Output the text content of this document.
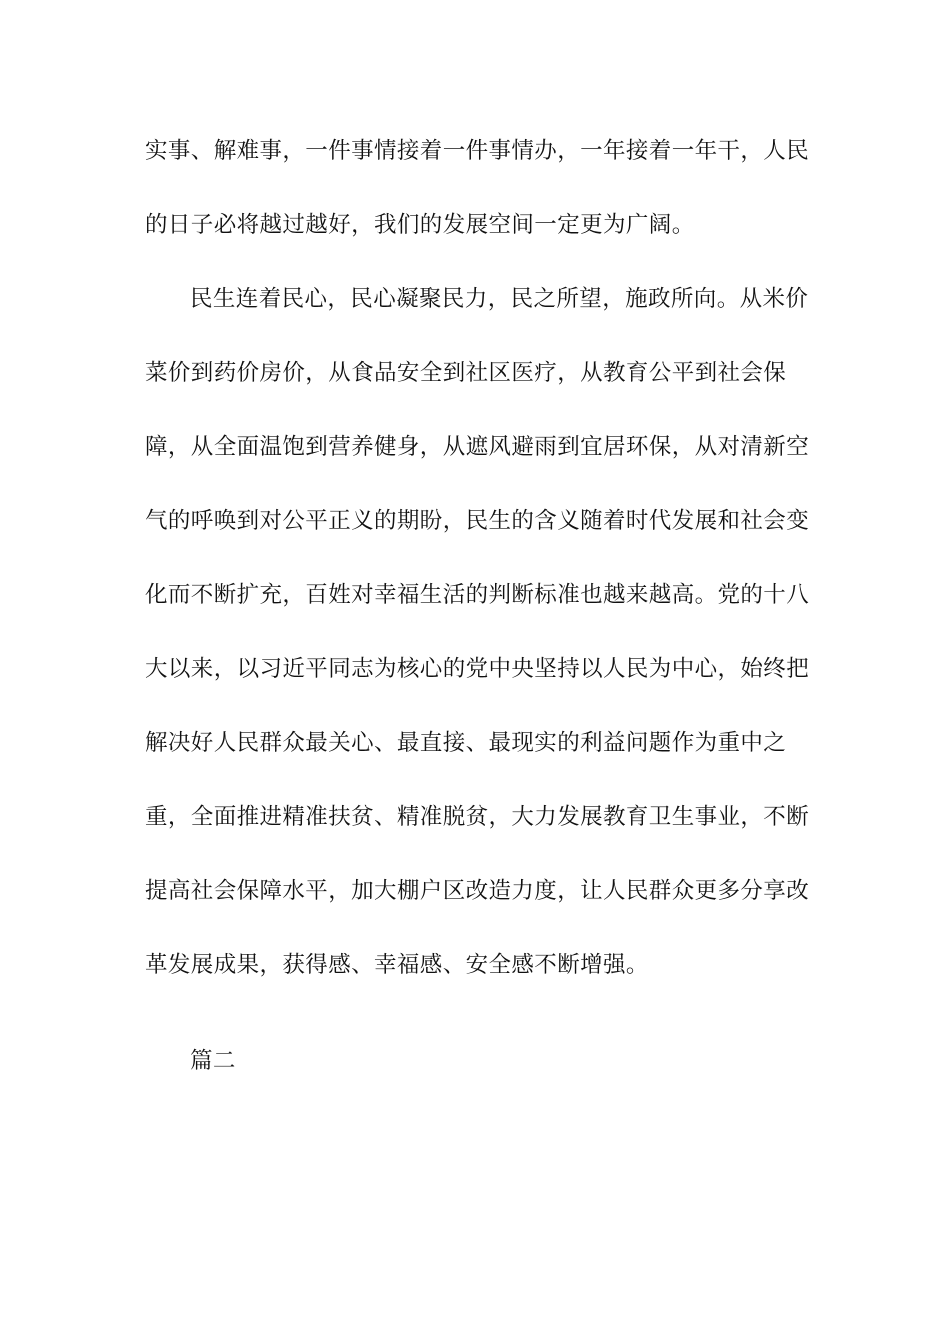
实事、解难事，一件事情接着一件事情办，一年接着一年干，人民
的日子必将越过越好，我们的发展空间一定更为广阔。
民生连着民心，民心凝聚民力，民之所望，施政所向。从米价
菜价到药价房价，从食品安全到社区医疗，从教育公平到社会保
障，从全面温饱到营养健身，从遮风避雨到宜居环保，从对清新空
气的呼唤到对公平正义的期盼，民生的含义随着时代发展和社会变
化而不断扩充，百姓对幸福生活的判断标准也越来越高。党的十八
大以来，以习近平同志为核心的党中央坚持以人民为中心，始终把
解决好人民群众最关心、最直接、最现实的利益问题作为重中之
重，全面推进精准扶贫、精准脱贫，大力发展教育卫生事业，不断
提高社会保障水平，加大棚户区改造力度，让人民群众更多分享改
革发展成果，获得感、幸福感、安全感不断增强。
篇二
